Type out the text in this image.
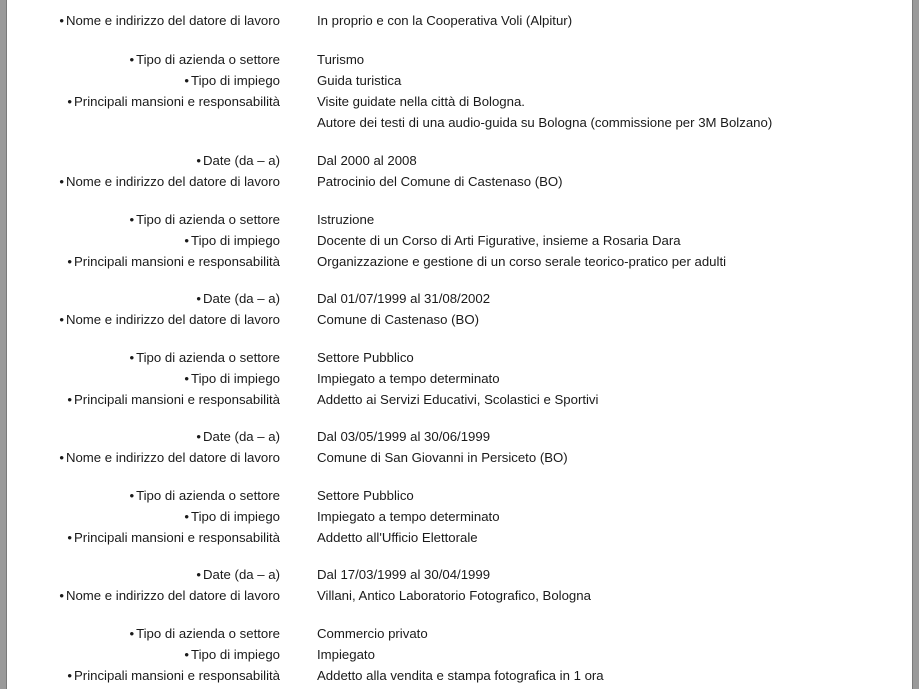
• Nome e indirizzo del datore di lavoro	In proprio e con la Cooperativa Voli (Alpitur)
• Tipo di azienda o settore	Turismo
• Tipo di impiego	Guida turistica
• Principali mansioni e responsabilità	Visite guidate nella città di Bologna.
Autore dei testi di una audio-guida su Bologna (commissione per 3M Bolzano)
• Date (da – a)	Dal 2000 al 2008
• Nome e indirizzo del datore di lavoro	Patrocinio del Comune di Castenaso (BO)
• Tipo di azienda o settore	Istruzione
• Tipo di impiego	Docente di un Corso di Arti Figurative, insieme a Rosaria Dara
• Principali mansioni e responsabilità	Organizzazione e gestione di un corso serale teorico-pratico per adulti
• Date (da – a)	Dal 01/07/1999 al 31/08/2002
• Nome e indirizzo del datore di lavoro	Comune di Castenaso (BO)
• Tipo di azienda o settore	Settore Pubblico
• Tipo di impiego	Impiegato a tempo determinato
• Principali mansioni e responsabilità	Addetto ai Servizi Educativi, Scolastici e Sportivi
• Date (da – a)	Dal 03/05/1999 al 30/06/1999
• Nome e indirizzo del datore di lavoro	Comune di San Giovanni in Persiceto (BO)
• Tipo di azienda o settore	Settore Pubblico
• Tipo di impiego	Impiegato a tempo determinato
• Principali mansioni e responsabilità	Addetto all'Ufficio Elettorale
• Date (da – a)	Dal 17/03/1999 al 30/04/1999
• Nome e indirizzo del datore di lavoro	Villani, Antico Laboratorio Fotografico, Bologna
• Tipo di azienda o settore	Commercio privato
• Tipo di impiego	Impiegato
• Principali mansioni e responsabilità	Addetto alla vendita e stampa fotografica in 1 ora
